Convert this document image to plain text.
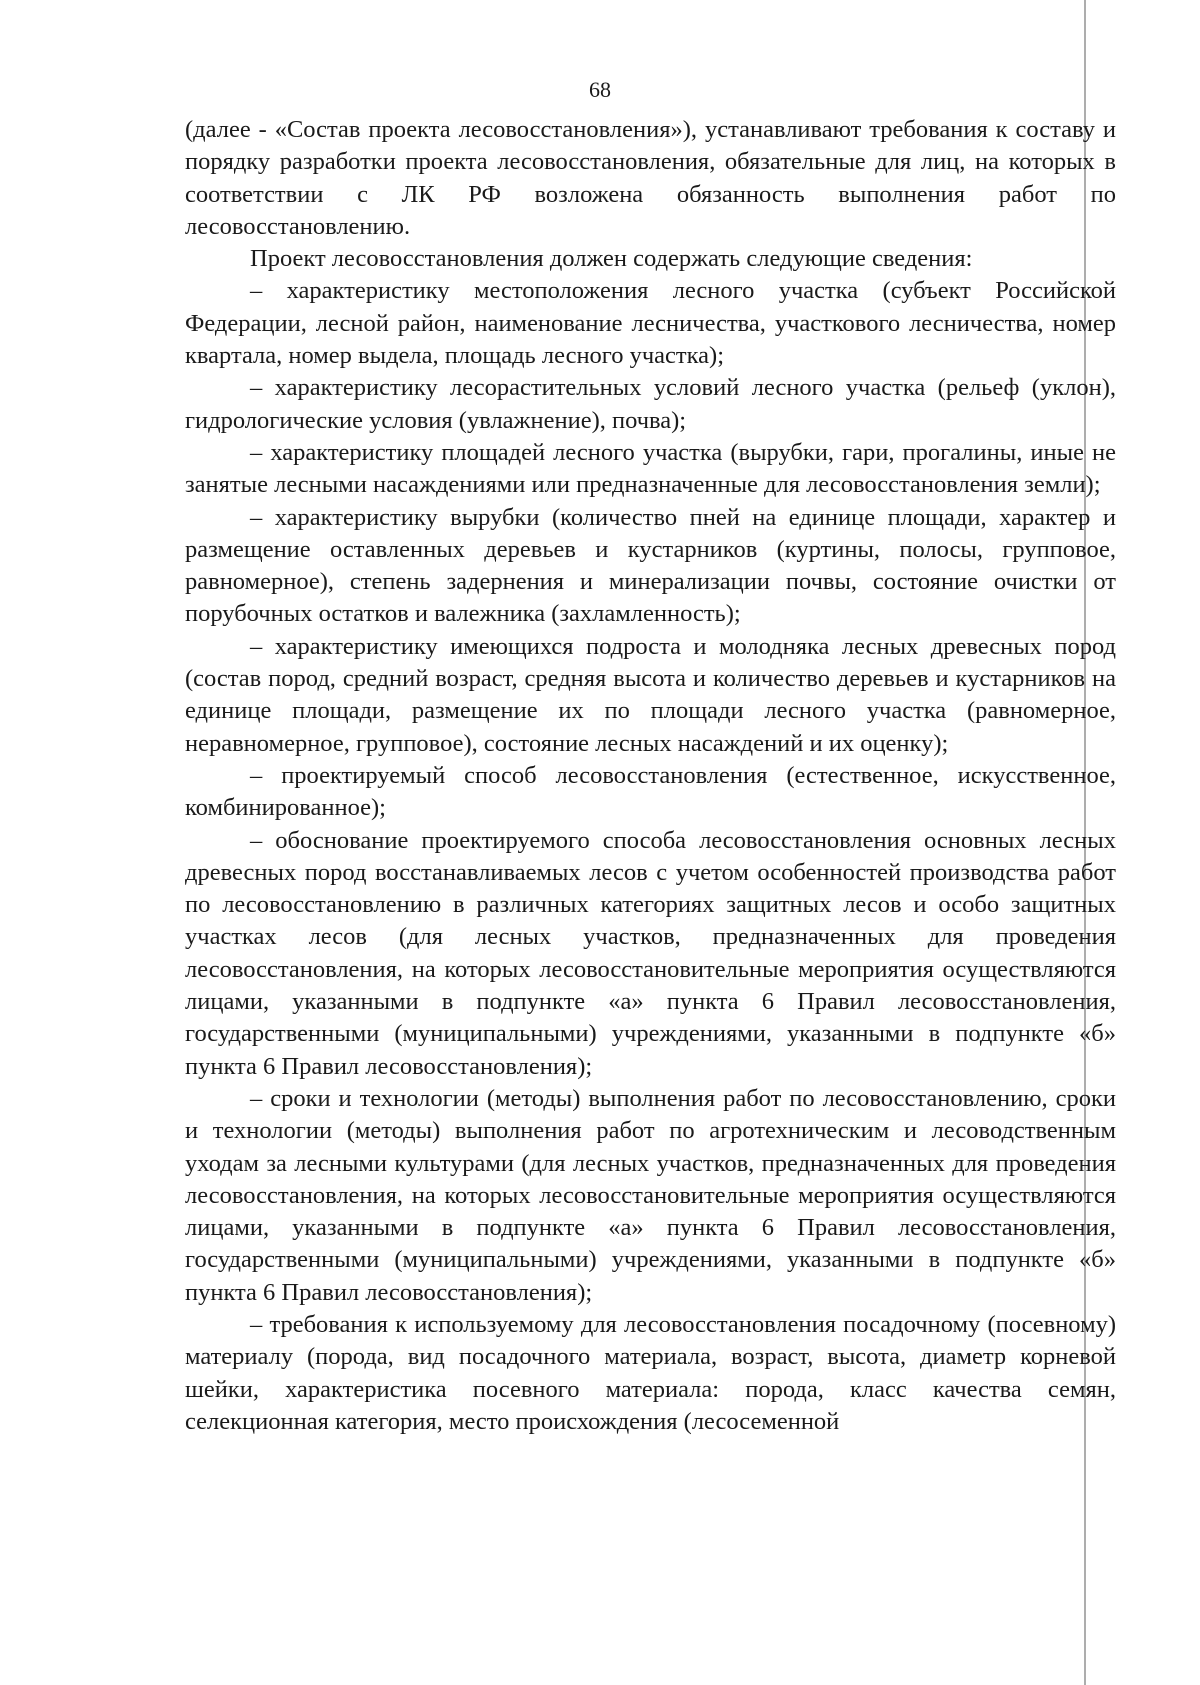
68

(далее - «Состав проекта лесовосстановления»), устанавливают требования к составу и порядку разработки проекта лесовосстановления, обязательные для лиц, на которых в соответствии с ЛК РФ возложена обязанность выполнения работ по лесовосстановлению.

Проект лесовосстановления должен содержать следующие сведения:

– характеристику местоположения лесного участка (субъект Российской Федерации, лесной район, наименование лесничества, участкового лесничества, номер квартала, номер выдела, площадь лесного участка);

– характеристику лесорастительных условий лесного участка (рельеф (уклон), гидрологические условия (увлажнение), почва);

– характеристику площадей лесного участка (вырубки, гари, прогалины, иные не занятые лесными насаждениями или предназначенные для лесовосстановления земли);

– характеристику вырубки (количество пней на единице площади, характер и размещение оставленных деревьев и кустарников (куртины, полосы, групповое, равномерное), степень задернения и минерализации почвы, состояние очистки от порубочных остатков и валежника (захламленность);

– характеристику имеющихся подроста и молодняка лесных древесных пород (состав пород, средний возраст, средняя высота и количество деревьев и кустарников на единице площади, размещение их по площади лесного участка (равномерное, неравномерное, групповое), состояние лесных насаждений и их оценку);

– проектируемый способ лесовосстановления (естественное, искусственное, комбинированное);

– обоснование проектируемого способа лесовосстановления основных лесных древесных пород восстанавливаемых лесов с учетом особенностей производства работ по лесовосстановлению в различных категориях защитных лесов и особо защитных участках лесов (для лесных участков, предназначенных для проведения лесовосстановления, на которых лесовосстановительные мероприятия осуществляются лицами, указанными в подпункте «а» пункта 6 Правил лесовосстановления, государственными (муниципальными) учреждениями, указанными в подпункте «б» пункта 6 Правил лесовосстановления);

– сроки и технологии (методы) выполнения работ по лесовосстановлению, сроки и технологии (методы) выполнения работ по агротехническим и лесоводственным уходам за лесными культурами (для лесных участков, предназначенных для проведения лесовосстановления, на которых лесовосстановительные мероприятия осуществляются лицами, указанными в подпункте «а» пункта 6 Правил лесовосстановления, государственными (муниципальными) учреждениями, указанными в подпункте «б» пункта 6 Правил лесовосстановления);

– требования к используемому для лесовосстановления посадочному (посевному) материалу (порода, вид посадочного материала, возраст, высота, диаметр корневой шейки, характеристика посевного материала: порода, класс качества семян, селекционная категория, место происхождения (лесосеменной
